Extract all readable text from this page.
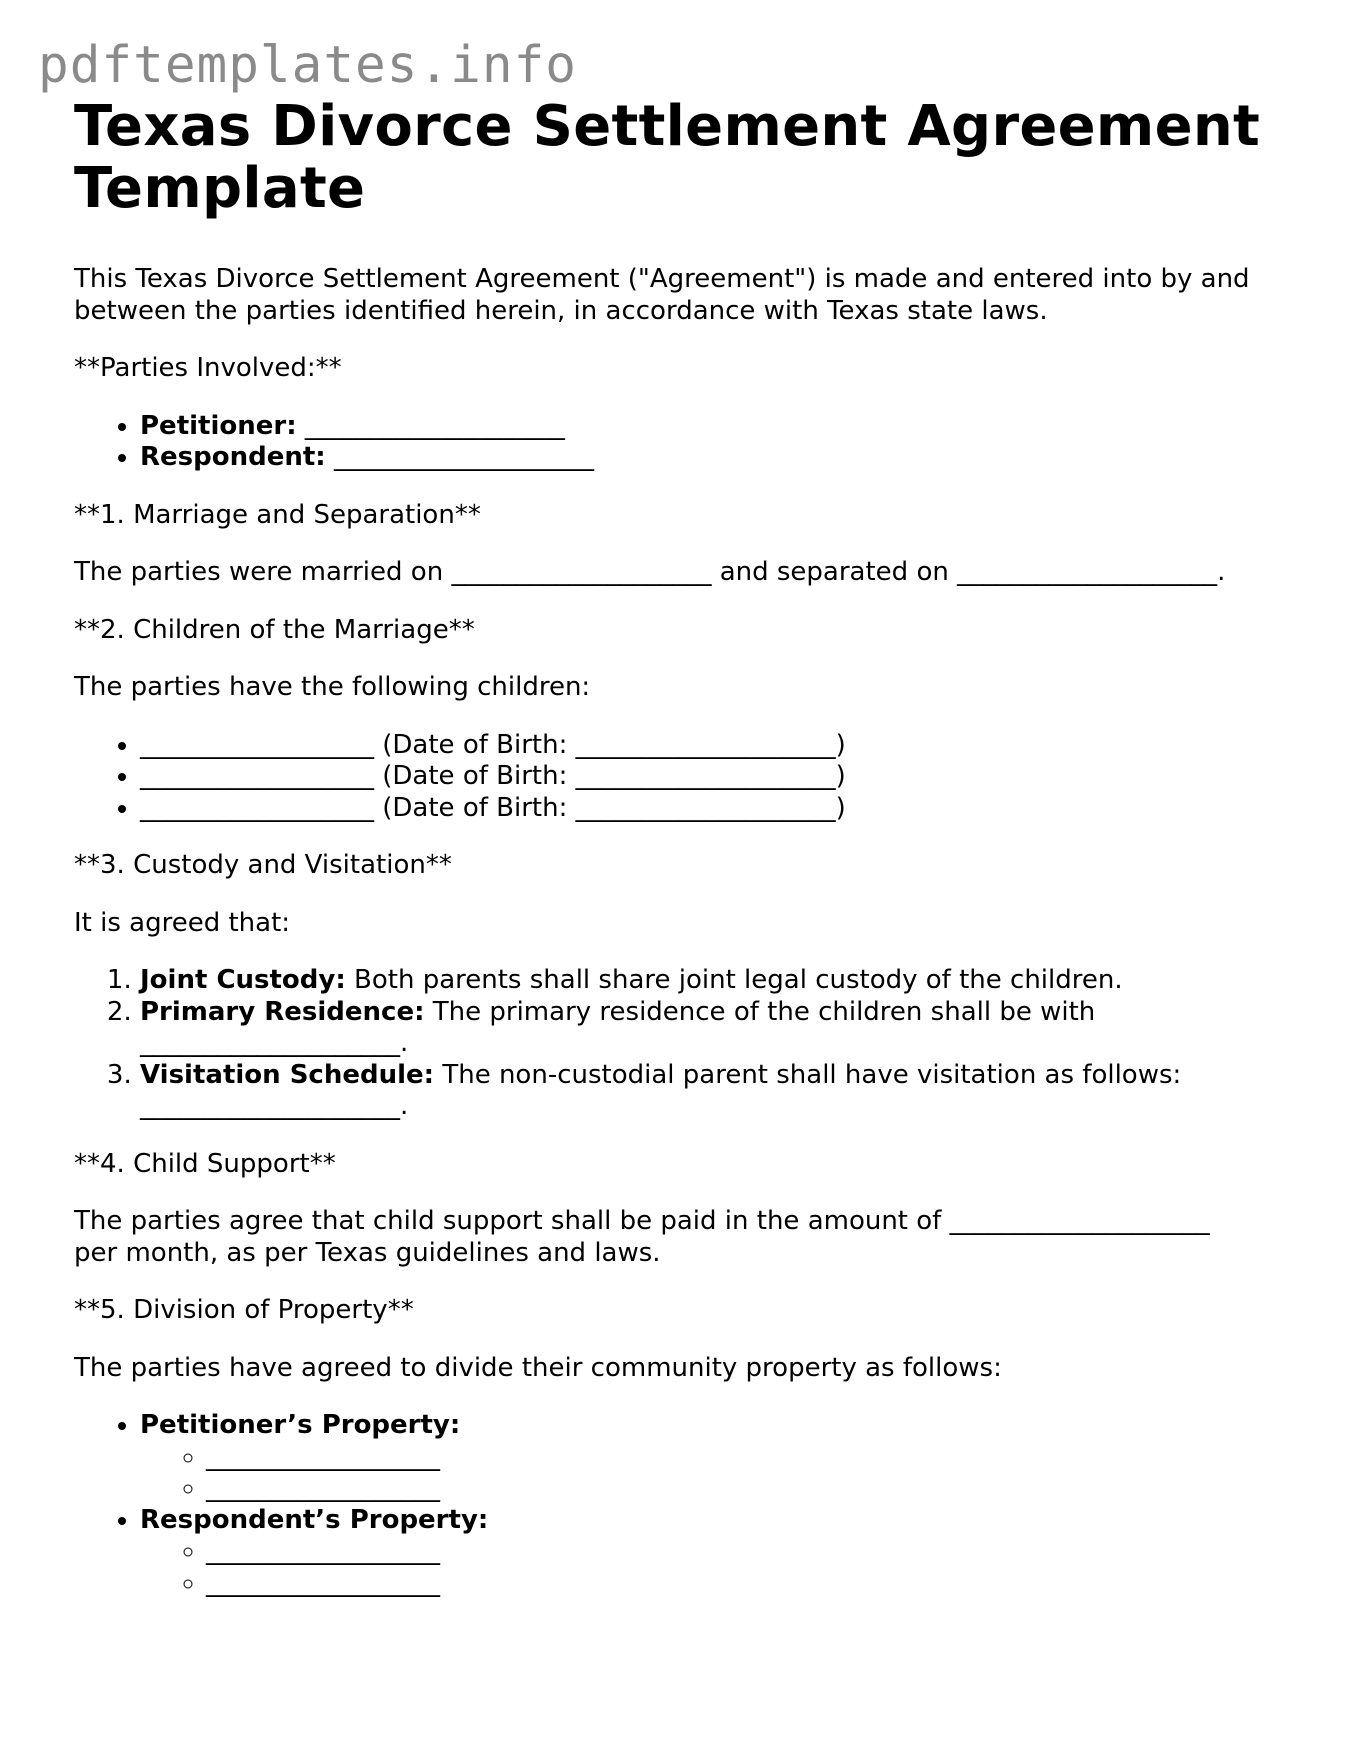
pdftemplates.info
Texas Divorce Settlement Agreement Template

This Texas Divorce Settlement Agreement ("Agreement") is made and entered into by and between the parties identified herein, in accordance with Texas state laws.

**Parties Involved:**

• Petitioner: ____________________
• Respondent: ____________________

**1. Marriage and Separation**

The parties were married on ____________________ and separated on ____________________.

**2. Children of the Marriage**

The parties have the following children:

• __________________ (Date of Birth: ____________________)
• __________________ (Date of Birth: ____________________)
• __________________ (Date of Birth: ____________________)

**3. Custody and Visitation**

It is agreed that:

1. Joint Custody: Both parents shall share joint legal custody of the children.
2. Primary Residence: The primary residence of the children shall be with
____________________.
3. Visitation Schedule: The non-custodial parent shall have visitation as follows:
____________________.

**4. Child Support**

The parties agree that child support shall be paid in the amount of ____________________
per month, as per Texas guidelines and laws.

**5. Division of Property**

The parties have agreed to divide their community property as follows:

• Petitioner’s Property:
◦ __________________
◦ __________________
• Respondent’s Property:
◦ __________________
◦ __________________
